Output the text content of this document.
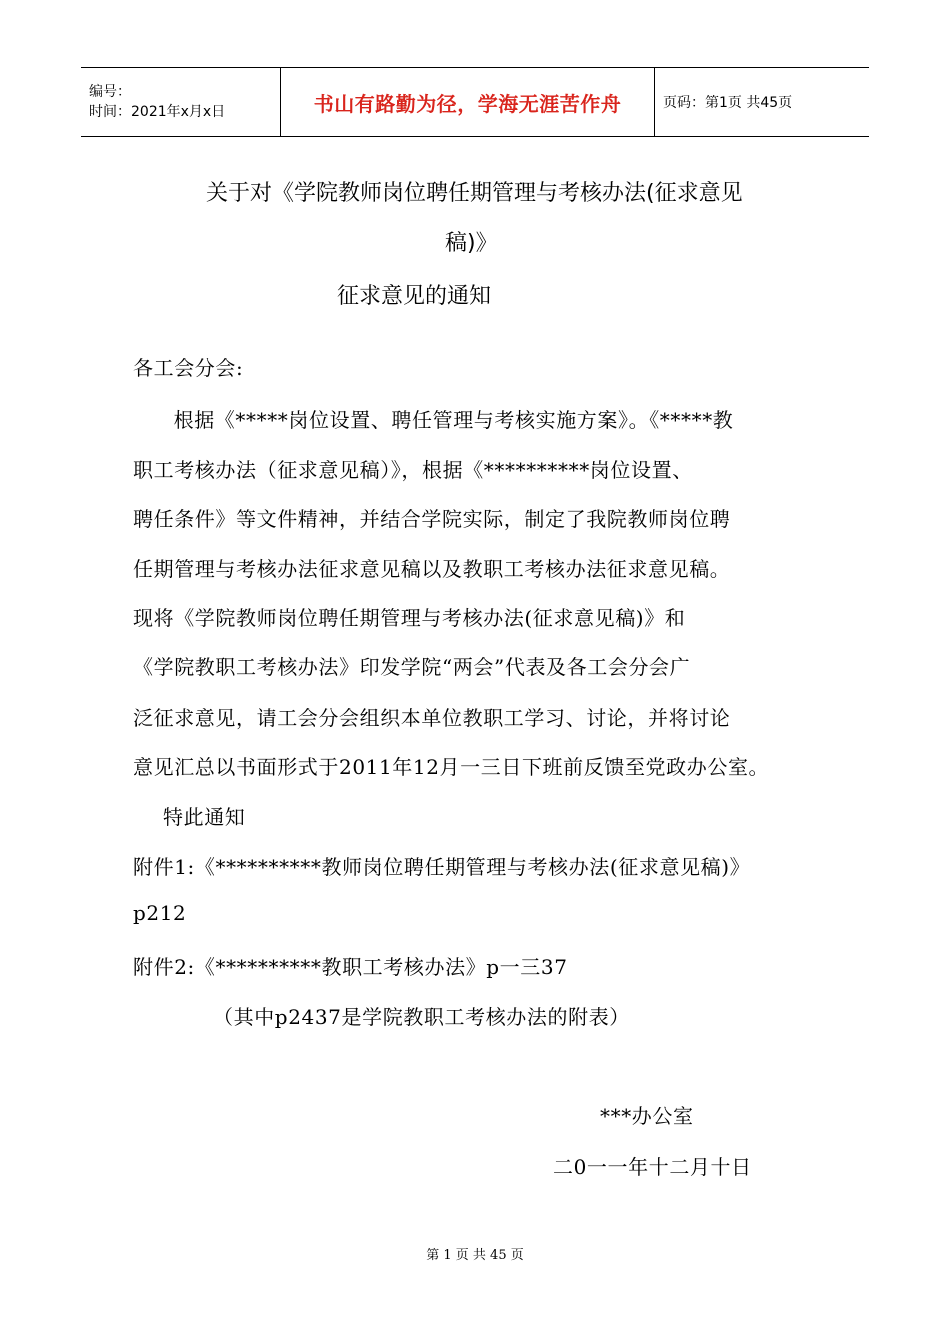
编号：
时间：2021年x月x日	书山有路勤为径，学海无涯苦作舟	页码：第1页 共45页
关于对《学院教师岗位聘任期管理与考核办法(征求意见
稿)》
征求意见的通知
各工会分会:
　根据《*****岗位设置、聘任管理与考核实施方案》。《*****教
职工考核办法（征求意见稿）》，根据《**********岗位设置、
聘任条件》等文件精神，并结合学院实际，制定了我院教师岗位聘
任期管理与考核办法征求意见稿以及教职工考核办法征求意见稿。
现将《学院教师岗位聘任期管理与考核办法(征求意见稿)》和
《学院教职工考核办法》印发学院“两会”代表及各工会分会广
泛征求意见，请工会分会组织本单位教职工学习、讨论，并将讨论
意见汇总以书面形式于2011年12月一三日下班前反馈至党政办公室。
特此通知
附件1:《**********教师岗位聘任期管理与考核办法(征求意见稿)》
p212
附件2:《**********教职工考核办法》p一三37
（其中p2437是学院教职工考核办法的附表）
***办公室
二0一一年十二月十日
第 1 页 共 45 页
